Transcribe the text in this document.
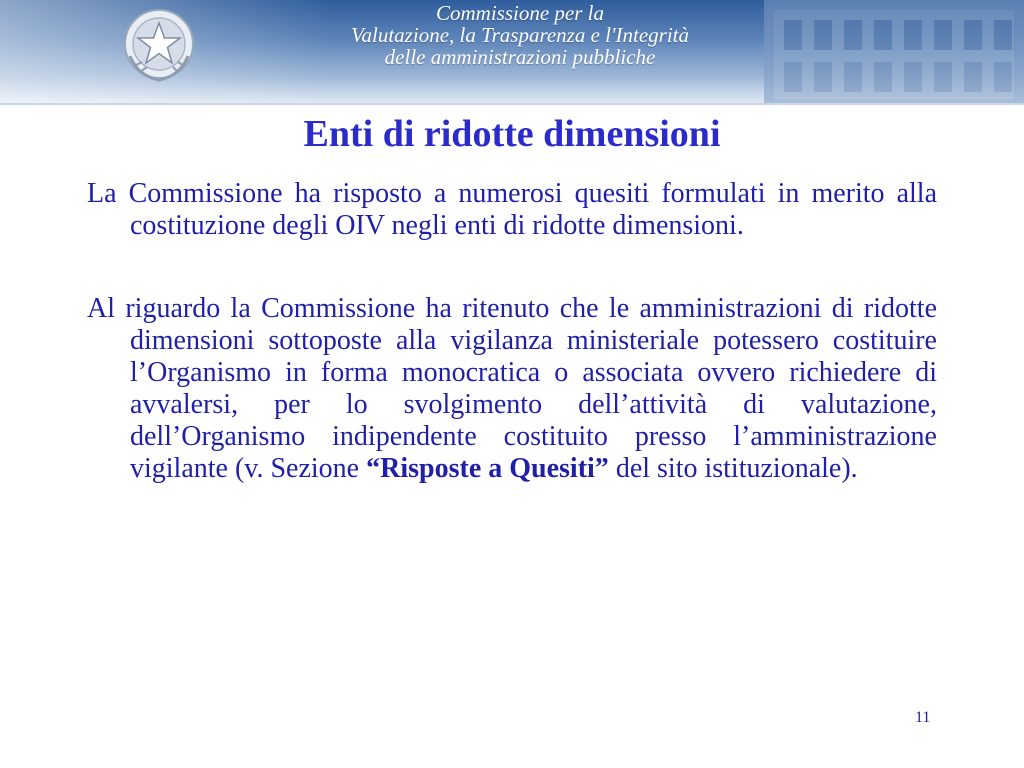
Commissione per la
Valutazione, la Trasparenza e l'Integrità
delle amministrazioni pubbliche
Enti di ridotte dimensioni

La Commissione ha risposto a numerosi quesiti formulati in merito alla costituzione degli OIV negli enti di ridotte dimensioni.

Al riguardo la Commissione ha ritenuto che le amministrazioni di ridotte dimensioni sottoposte alla vigilanza ministeriale potessero costituire l’Organismo in forma monocratica o associata ovvero richiedere di avvalersi, per lo svolgimento dell’attività di valutazione, dell’Organismo indipendente costituito presso l’amministrazione vigilante (v. Sezione “Risposte a Quesiti” del sito istituzionale).

11
